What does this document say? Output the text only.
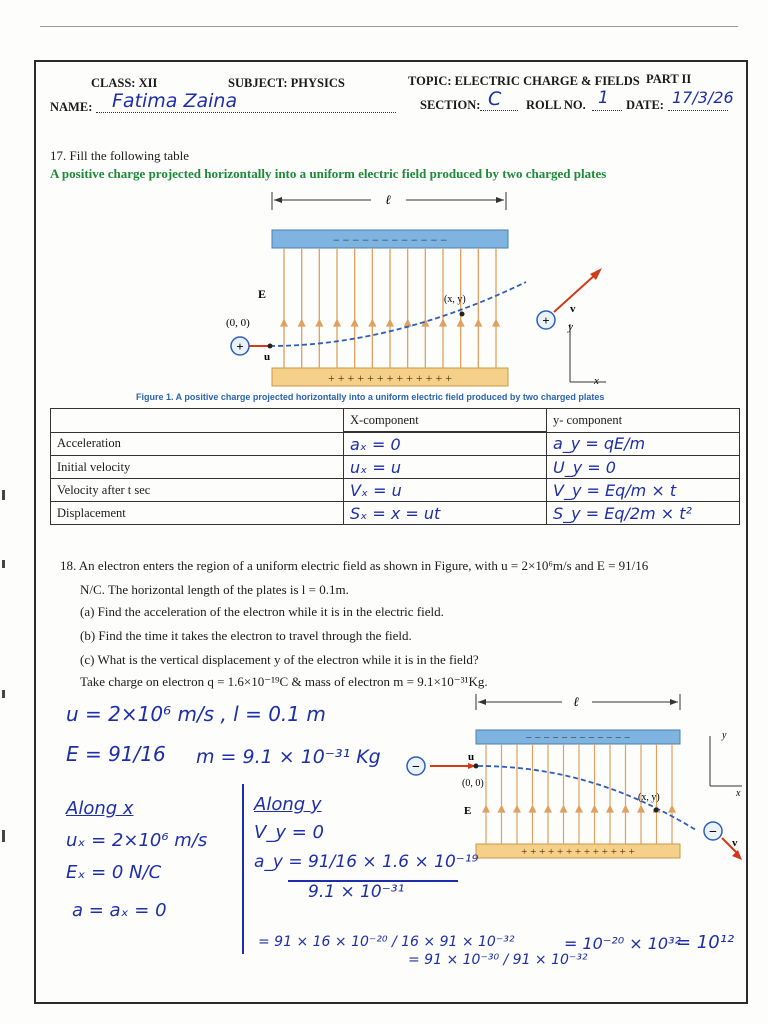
CLASS: XII	SUBJECT: PHYSICS	TOPIC: ELECTRIC CHARGE & FIELDS PART II
NAME: Fatima Zaina	SECTION: C ROLL NO. 1 DATE: 17/3/26
17. Fill the following table
A positive charge projected horizontally into a uniform electric field produced by two charged plates
ℓ
− − − − − − − − − − − −
+ + + + + + + + + + + + +
E
+
(0, 0)
u
(x, y)
+
v
y
x
Figure 1. A positive charge projected horizontally into a uniform electric field produced by two charged plates
	X-component	y- component
Acceleration	aₓ = 0	a_y = qE/m
Initial velocity	uₓ = u	U_y = 0
Velocity after t sec	Vₓ = u	V_y = Eq/m × t
Displacement	Sₓ = x = ut	S_y = Eq/2m × t²
18. An electron enters the region of a uniform electric field as shown in Figure, with u = 2×10⁶m/s and E = 91/16
N/C. The horizontal length of the plates is l = 0.1m.
(a) Find the acceleration of the electron while it is in the electric field.
(b) Find the time it takes the electron to travel through the field.
(c) What is the vertical displacement y of the electron while it is in the field?
Take charge on electron q = 1.6×10⁻¹⁹C & mass of electron m = 9.1×10⁻³¹Kg.
ℓ
− − − − − − − − − − − −
+ + + + + + + + + + + + +
E
−
u
(0, 0)
(x, y)
−
v
y
x
u = 2×10⁶ m/s , l = 0.1 m
E = 91/16 m = 9.1 × 10⁻³¹ Kg
Along x
uₓ = 2×10⁶ m/s
Eₓ = 0 N/C
a = aₓ = 0
Along y
V_y = 0
a_y = 91/16 × 1.6 × 10⁻¹⁹
9.1 × 10⁻³¹
= 91 × 16 × 10⁻²⁰ / 16 × 91 × 10⁻³²
= 91 × 10⁻³⁰ / 91 × 10⁻³²
= 10⁻²⁰ × 10³²
= 10¹²
